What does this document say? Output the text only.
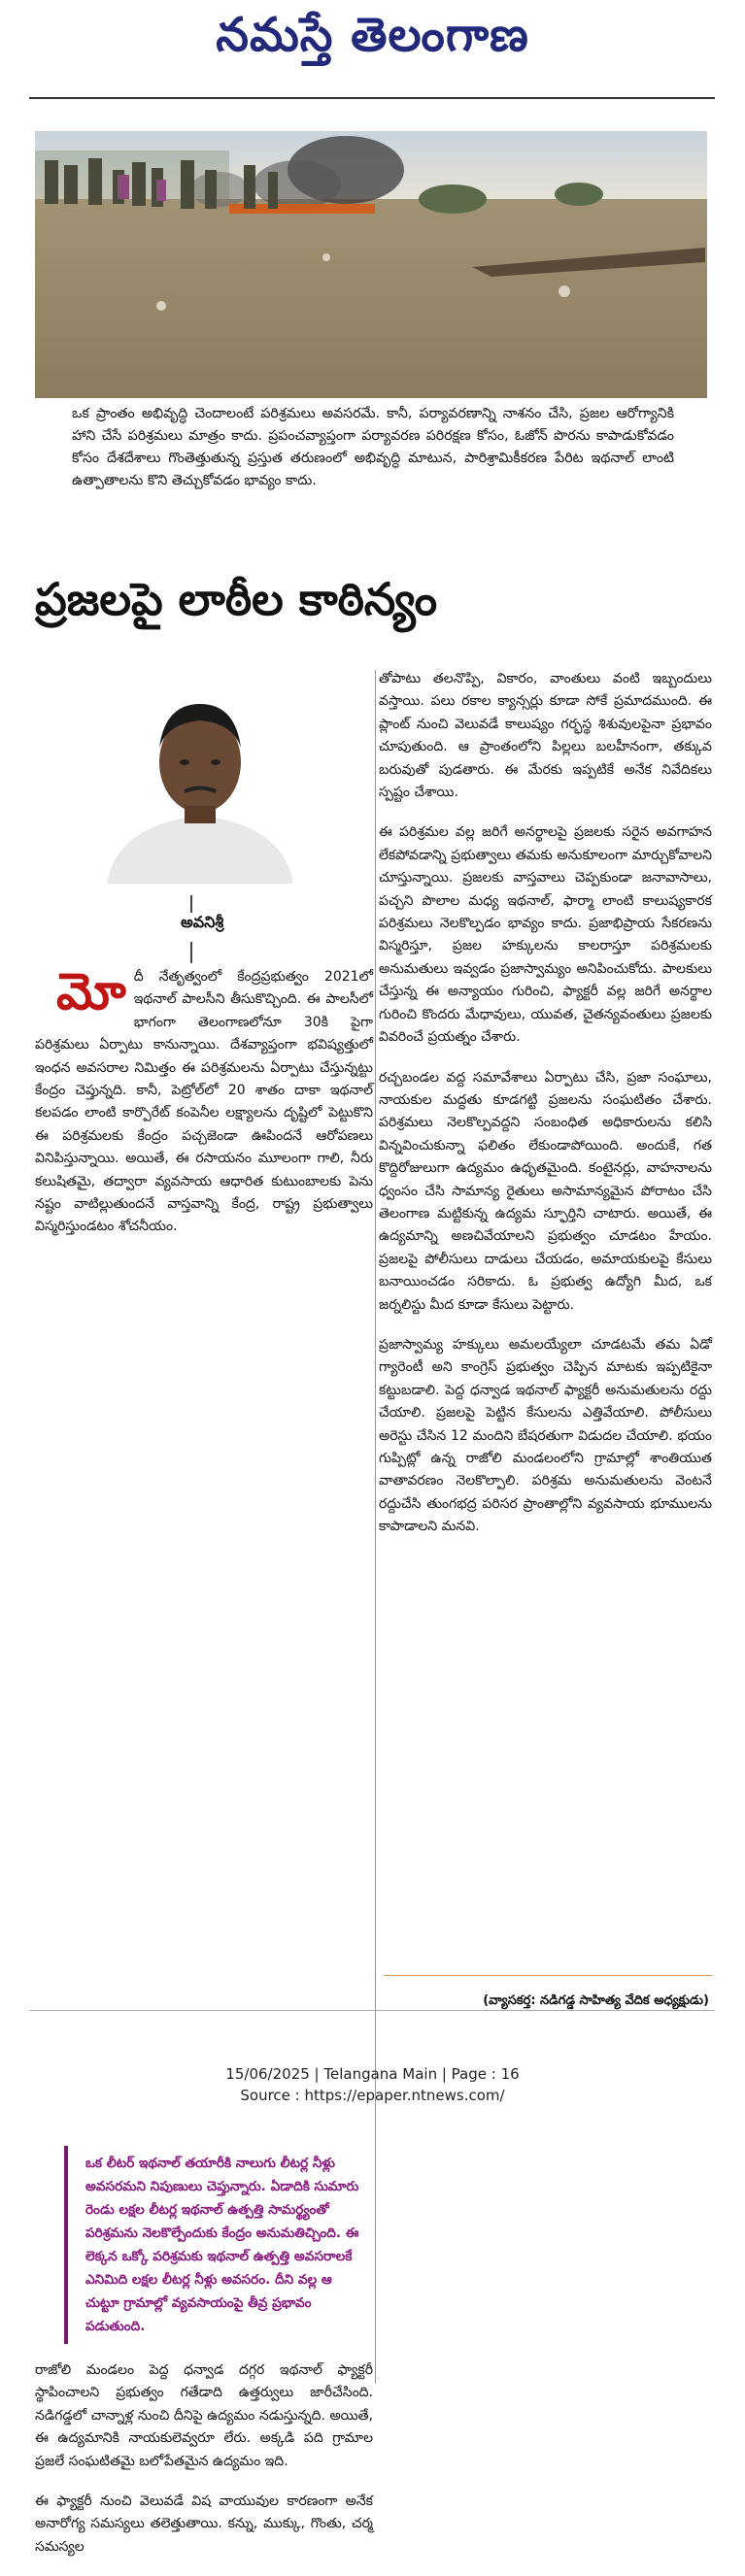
నమస్తే తెలంగాణ
ఒక ప్రాంతం అభివృద్ధి చెందాలంటే పరిశ్రమలు అవసరమే. కానీ, పర్యావరణాన్ని నాశనం చేసి, ప్రజల ఆరోగ్యానికి హాని చేసే పరిశ్రమలు మాత్రం కాదు. ప్రపంచవ్యాప్తంగా పర్యావరణ పరిరక్షణ కోసం, ఓజోన్ పొరను కాపాడుకోవడం కోసం దేశదేశాలు గొంతెత్తుతున్న ప్రస్తుత తరుణంలో అభివృద్ధి మాటున, పారిశ్రామికీకరణ పేరిట ఇథనాల్ లాంటి ఉత్పాతాలను కొని తెచ్చుకోవడం భావ్యం కాదు.
ప్రజలపై లాఠీల కాఠిన్యం
అవనిశ్రీ
మో దీ నేతృత్వంలో కేంద్రప్రభుత్వం 2021లో ఇథనాల్ పాలసీని తీసుకొచ్చింది. ఈ పాలసీలో భాగంగా తెలంగాణలోనూ 30కి పైగా పరిశ్రమలు ఏర్పాటు కానున్నాయి. దేశవ్యాప్తంగా భవిష్యత్తులో ఇంధన అవసరాల నిమిత్తం ఈ పరిశ్రమలను ఏర్పాటు చేస్తున్నట్టు కేంద్రం చెప్తున్నది. కానీ, పెట్రోల్‌లో 20 శాతం దాకా ఇథనాల్ కలపడం లాంటి కార్పొరేట్ కంపెనీల లక్ష్యాలను దృష్టిలో పెట్టుకొని ఈ పరిశ్రమలకు కేంద్రం పచ్చజెండా ఊపిందనే ఆరోపణలు వినిపిస్తున్నాయి. అయితే, ఈ రసాయనం మూలంగా గాలి, నీరు కలుషితమై, తద్వారా వ్యవసాయ ఆధారిత కుటుంబాలకు పెను నష్టం వాటిల్లుతుందనే వాస్తవాన్ని కేంద్ర, రాష్ట్ర ప్రభుత్వాలు విస్మరిస్తుండటం శోచనీయం.

ఒక లీటర్ ఇథనాల్ తయారీకి నాలుగు లీటర్ల నీళ్లు అవసరమని నిపుణులు చెప్తున్నారు. ఏడాదికి సుమారు రెండు లక్షల లీటర్ల ఇథనాల్ ఉత్పత్తి సామర్థ్యంతో పరిశ్రమను నెలకొల్పేందుకు కేంద్రం అనుమతిచ్చింది. ఈ లెక్కన ఒక్కో పరిశ్రమకు ఇథనాల్ ఉత్పత్తి అవసరాలకే ఎనిమిది లక్షల లీటర్ల నీళ్లు అవసరం. దీని వల్ల ఆ చుట్టూ గ్రామాల్లో వ్యవసాయంపై తీవ్ర ప్రభావం పడుతుంది.

రాజోలి మండలం పెద్ద ధన్వాడ దగ్గర ఇథనాల్ ఫ్యాక్టరీ స్థాపించాలని ప్రభుత్వం గతేడాది ఉత్తర్వులు జారీచేసింది. నడిగడ్డలో చాన్నాళ్ల నుంచి దీనిపై ఉద్యమం నడుస్తున్నది. అయితే, ఈ ఉద్యమానికి నాయకులెవ్వరూ లేరు. అక్కడి పది గ్రామాల ప్రజలే సంఘటితమై బలోపేతమైన ఉద్యమం ఇది.

ఈ ఫ్యాక్టరీ నుంచి వెలువడే విష వాయువుల కారణంగా అనేక అనారోగ్య సమస్యలు తలెత్తుతాయి. కన్ను, ముక్కు, గొంతు, చర్మ సమస్యల

తోపాటు తలనొప్పి, వికారం, వాంతులు వంటి ఇబ్బందులు వస్తాయి. పలు రకాల క్యాన్సర్లు కూడా సోకే ప్రమాదముంది. ఈ ప్లాంట్ నుంచి వెలువడే కాలుష్యం గర్భస్థ శిశువులపైనా ప్రభావం చూపుతుంది. ఆ ప్రాంతంలోని పిల్లలు బలహీనంగా, తక్కువ బరువుతో పుడతారు. ఈ మేరకు ఇప్పటికే అనేక నివేదికలు స్పష్టం చేశాయి.

ఈ పరిశ్రమల వల్ల జరిగే అనర్థాలపై ప్రజలకు సరైన అవగాహన లేకపోవడాన్ని ప్రభుత్వాలు తమకు అనుకూలంగా మార్చుకోవాలని చూస్తున్నాయి. ప్రజలకు వాస్తవాలు చెప్పకుండా జనావాసాలు, పచ్చని పొలాల మధ్య ఇథనాల్, ఫార్మా లాంటి కాలుష్యకారక పరిశ్రమలు నెలకొల్పడం భావ్యం కాదు. ప్రజాభిప్రాయ సేకరణను విస్మరిస్తూ, ప్రజల హక్కులను కాలరాస్తూ పరిశ్రమలకు అనుమతులు ఇవ్వడం ప్రజాస్వామ్యం అనిపించుకోదు. పాలకులు చేస్తున్న ఈ అన్యాయం గురించి, ఫ్యాక్టరీ వల్ల జరిగే అనర్థాల గురించి కొందరు మేధావులు, యువత, చైతన్యవంతులు ప్రజలకు వివరించే ప్రయత్నం చేశారు.

రచ్చబండల వద్ద సమావేశాలు ఏర్పాటు చేసి, ప్రజా సంఘాలు, నాయకుల మద్దతు కూడగట్టి ప్రజలను సంఘటితం చేశారు. పరిశ్రమలు నెలకొల్పవద్దని సంబంధిత అధికారులను కలిసి విన్నవించుకున్నా ఫలితం లేకుండాపోయింది. అందుకే, గత కొద్దిరోజులుగా ఉద్యమం ఉధృతమైంది. కంటైనర్లు, వాహనాలను ధ్వంసం చేసి సామాన్య రైతులు అసామాన్యమైన పోరాటం చేసి తెలంగాణ మట్టికున్న ఉద్యమ స్ఫూర్తిని చాటారు. అయితే, ఈ ఉద్యమాన్ని అణచివేయాలని ప్రభుత్వం చూడటం హేయం. ప్రజలపై పోలీసులు దాడులు చేయడం, అమాయకులపై కేసులు బనాయించడం సరికాదు. ఓ ప్రభుత్వ ఉద్యోగి మీద, ఒక జర్నలిస్టు మీద కూడా కేసులు పెట్టారు.

ప్రజాస్వామ్య హక్కులు అమలయ్యేలా చూడటమే తమ ఏడో గ్యారెంటీ అని కాంగ్రెస్ ప్రభుత్వం చెప్పిన మాటకు ఇప్పటికైనా కట్టుబడాలి. పెద్ద ధన్వాడ ఇథనాల్ ఫ్యాక్టరీ అనుమతులను రద్దు చేయాలి. ప్రజలపై పెట్టిన కేసులను ఎత్తివేయాలి. పోలీసులు అరెస్టు చేసిన 12 మందిని బేషరతుగా విడుదల చేయాలి. భయం గుప్పిట్లో ఉన్న రాజోలి మండలంలోని గ్రామాల్లో శాంతియుత వాతావరణం నెలకొల్పాలి. పరిశ్రమ అనుమతులను వెంటనే రద్దుచేసి తుంగభద్ర పరిసర ప్రాంతాల్లోని వ్యవసాయ భూములను కాపాడాలని మనవి.

(వ్యాసకర్త: నడిగడ్డ సాహిత్య వేదిక అధ్యక్షుడు)
15/06/2025 | Telangana Main | Page : 16
Source : https://epaper.ntnews.com/
